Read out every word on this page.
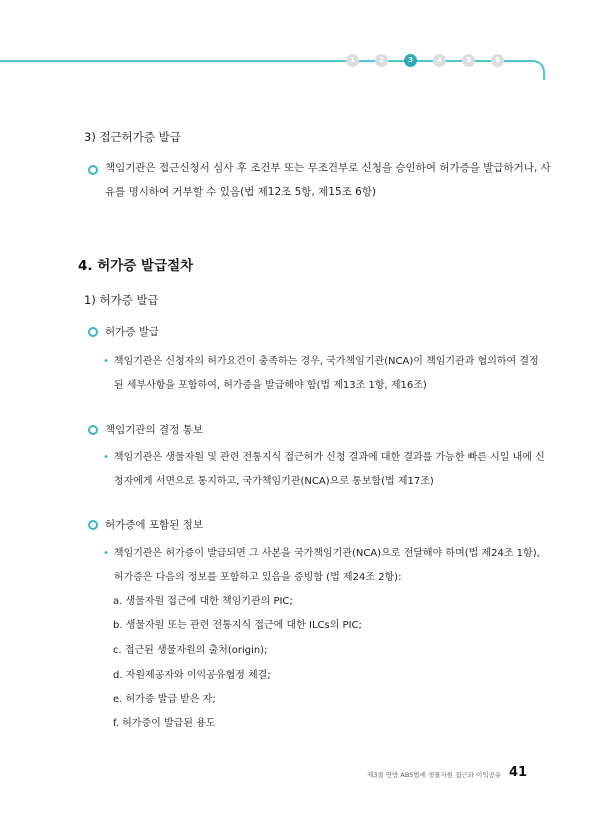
1	2	3	4	5	6
3) 접근허가증 발급
책임기관은 접근신청서 심사 후 조건부 또는 무조건부로 신청을 승인하여 허가증을 발급하거나, 사
유를 명시하여 거부할 수 있음(법 제12조 5항, 제15조 6항)
4. 허가증 발급절차
1) 허가증 발급
허가증 발급
• 책임기관은 신청자의 허가요건이 충족하는 경우, 국가책임기관(NCA)이 책임기관과 협의하여 결정
된 세부사항을 포함하여, 허가증을 발급해야 함(법 제13조 1항, 제16조)
책임기관의 결정 통보
• 책임기관은 생물자원 및 관련 전통지식 접근허가 신청 결과에 대한 결과를 가능한 빠른 시일 내에 신
청자에게 서면으로 통지하고, 국가책임기관(NCA)으로 통보함(법 제17조)
허가증에 포함된 정보
• 책임기관은 허가증이 발급되면 그 사본을 국가책임기관(NCA)으로 전달해야 하며(법 제24조 1항),
허가증은 다음의 정보를 포함하고 있음을 증빙함 (법 제24조 2항):
a. 생물자원 접근에 대한 책임기관의 PIC;
b. 생물자원 또는 관련 전통지식 접근에 대한 ILCs의 PIC;
c. 접근된 생물자원의 출처(origin);
d. 자원제공자와 이익공유협정 체결;
e. 허가증 발급 받은 자;
f. 허가증이 발급된 용도
제3절 연방 ABS법에 생물자원 접근과 이익공유 41
